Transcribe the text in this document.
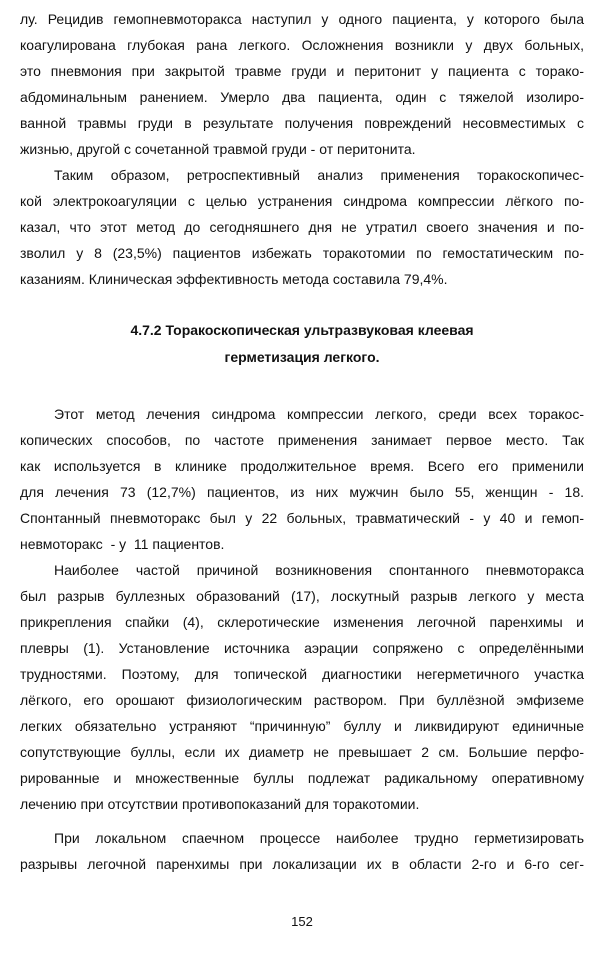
лу. Рецидив гемопневмоторакса наступил у одного пациента, у которого была
коагулирована глубокая рана легкого. Осложнения возникли у двух больных,
это пневмония при закрытой травме груди и перитонит у пациента с торако-
абдоминальным ранением. Умерло два пациента, один с тяжелой изолиро-
ванной травмы груди в результате получения повреждений несовместимых с
жизнью, другой с сочетанной травмой груди - от перитонита.
Таким образом, ретроспективный анализ применения торакоскопичес-
кой электрокоагуляции с целью устранения синдрома компрессии лёгкого по-
казал, что этот метод до сегодняшнего дня не утратил своего значения и по-
зволил у 8 (23,5%) пациентов избежать торакотомии по гемостатическим по-
казаниям. Клиническая эффективность метода составила 79,4%.
4.7.2 Торакоскопическая ультразвуковая клеевая
герметизация легкого.
Этот метод лечения синдрома компрессии легкого, среди всех торакос-
копических способов, по частоте применения занимает первое место. Так
как используется в клинике продолжительное время. Всего его применили
для лечения 73 (12,7%) пациентов, из них мужчин было 55, женщин - 18.
Спонтанный пневмоторакс был у 22 больных, травматический - у 40 и гемоп-
невмоторакс  - у  11 пациентов.
Наиболее частой причиной возникновения спонтанного пневмоторакса
был разрыв буллезных образований (17), лоскутный разрыв легкого у места
прикрепления спайки (4), склеротические изменения легочной паренхимы и
плевры (1). Установление источника аэрации сопряжено с определёнными
трудностями. Поэтому, для топической диагностики негерметичного участка
лёгкого, его орошают физиологическим раствором. При буллёзной эмфиземе
легких обязательно устраняют “причинную” буллу и ликвидируют единичные
сопутствующие буллы, если их диаметр не превышает 2 см. Большие перфо-
рированные и множественные буллы подлежат радикальному оперативному
лечению при отсутствии противопоказаний для торакотомии.
При локальном спаечном процессе наиболее трудно герметизировать
разрывы легочной паренхимы при локализации их в области 2-го и 6-го сег-
152
